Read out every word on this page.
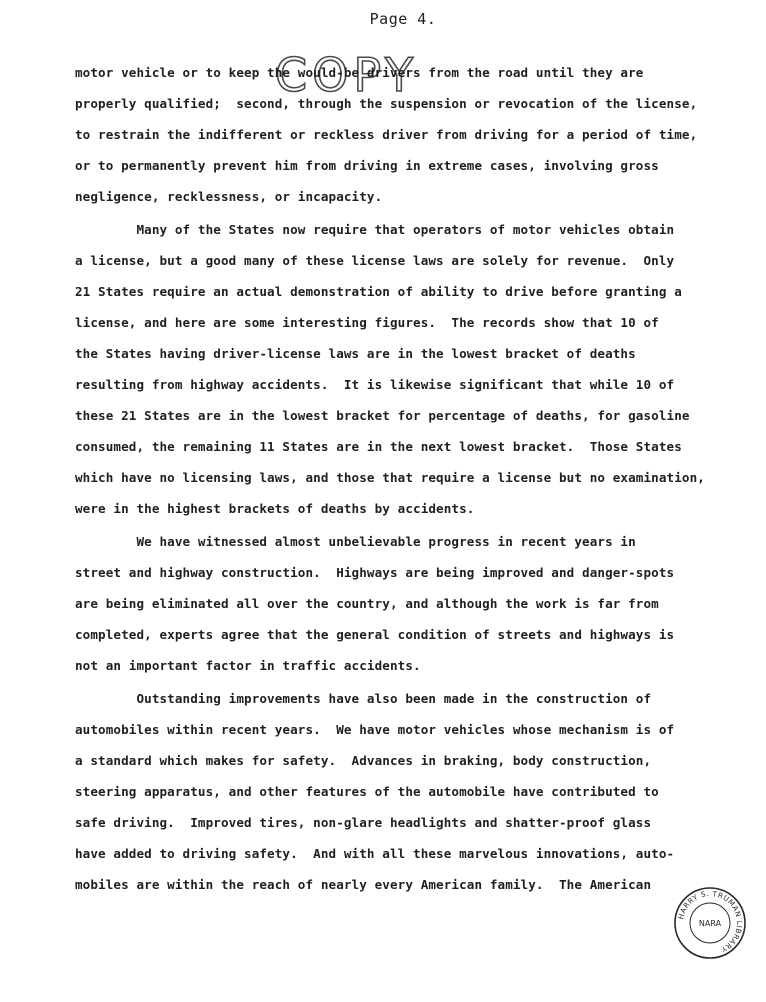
Page 4.
COPY
motor vehicle or to keep the would-be drivers from the road until they are
properly qualified;  second, through the suspension or revocation of the license,
to restrain the indifferent or reckless driver from driving for a period of time,
or to permanently prevent him from driving in extreme cases, involving gross
negligence, recklessness, or incapacity.
Many of the States now require that operators of motor vehicles obtain
a license, but a good many of these license laws are solely for revenue.  Only
21 States require an actual demonstration of ability to drive before granting a
license, and here are some interesting figures.  The records show that 10 of
the States having driver-license laws are in the lowest bracket of deaths
resulting from highway accidents.  It is likewise significant that while 10 of
these 21 States are in the lowest bracket for percentage of deaths, for gasoline
consumed, the remaining 11 States are in the next lowest bracket.  Those States
which have no licensing laws, and those that require a license but no examination,
were in the highest brackets of deaths by accidents.
We have witnessed almost unbelievable progress in recent years in
street and highway construction.  Highways are being improved and danger-spots
are being eliminated all over the country, and although the work is far from
completed, experts agree that the general condition of streets and highways is
not an important factor in traffic accidents.
Outstanding improvements have also been made in the construction of
automobiles within recent years.  We have motor vehicles whose mechanism is of
a standard which makes for safety.  Advances in braking, body construction,
steering apparatus, and other features of the automobile have contributed to
safe driving.  Improved tires, non-glare headlights and shatter-proof glass
have added to driving safety.  And with all these marvelous innovations, auto-
mobiles are within the reach of nearly every American family.  The American
HARRY S. TRUMAN LIBRARY
NARA
